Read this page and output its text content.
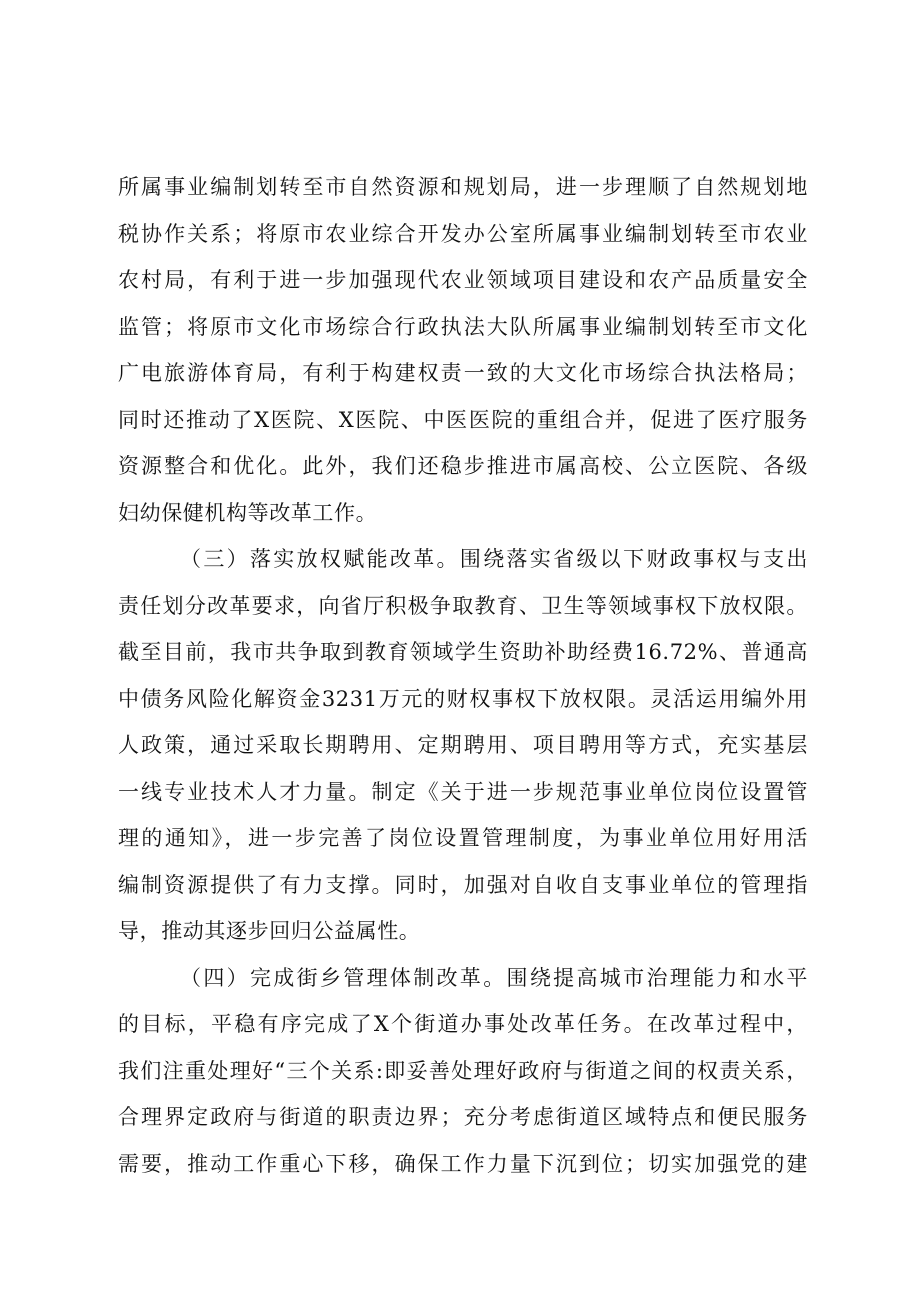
所属事业编制划转至市自然资源和规划局，进一步理顺了自然规划地
税协作关系；将原市农业综合开发办公室所属事业编制划转至市农业
农村局，有利于进一步加强现代农业领域项目建设和农产品质量安全
监管；将原市文化市场综合行政执法大队所属事业编制划转至市文化
广电旅游体育局，有利于构建权责一致的大文化市场综合执法格局；
同时还推动了X医院、X医院、中医医院的重组合并，促进了医疗服务
资源整合和优化。此外，我们还稳步推进市属高校、公立医院、各级
妇幼保健机构等改革工作。
（三）落实放权赋能改革。围绕落实省级以下财政事权与支出
责任划分改革要求，向省厅积极争取教育、卫生等领域事权下放权限。
截至目前，我市共争取到教育领域学生资助补助经费16.72%、普通高
中债务风险化解资金3231万元的财权事权下放权限。灵活运用编外用
人政策，通过采取长期聘用、定期聘用、项目聘用等方式，充实基层
一线专业技术人才力量。制定《关于进一步规范事业单位岗位设置管
理的通知》，进一步完善了岗位设置管理制度，为事业单位用好用活
编制资源提供了有力支撑。同时，加强对自收自支事业单位的管理指
导，推动其逐步回归公益属性。
（四）完成街乡管理体制改革。围绕提高城市治理能力和水平
的目标，平稳有序完成了X个街道办事处改革任务。在改革过程中，
我们注重处理好“三个关系:即妥善处理好政府与街道之间的权责关系，
合理界定政府与街道的职责边界；充分考虑街道区域特点和便民服务
需要，推动工作重心下移，确保工作力量下沉到位；切实加强党的建
